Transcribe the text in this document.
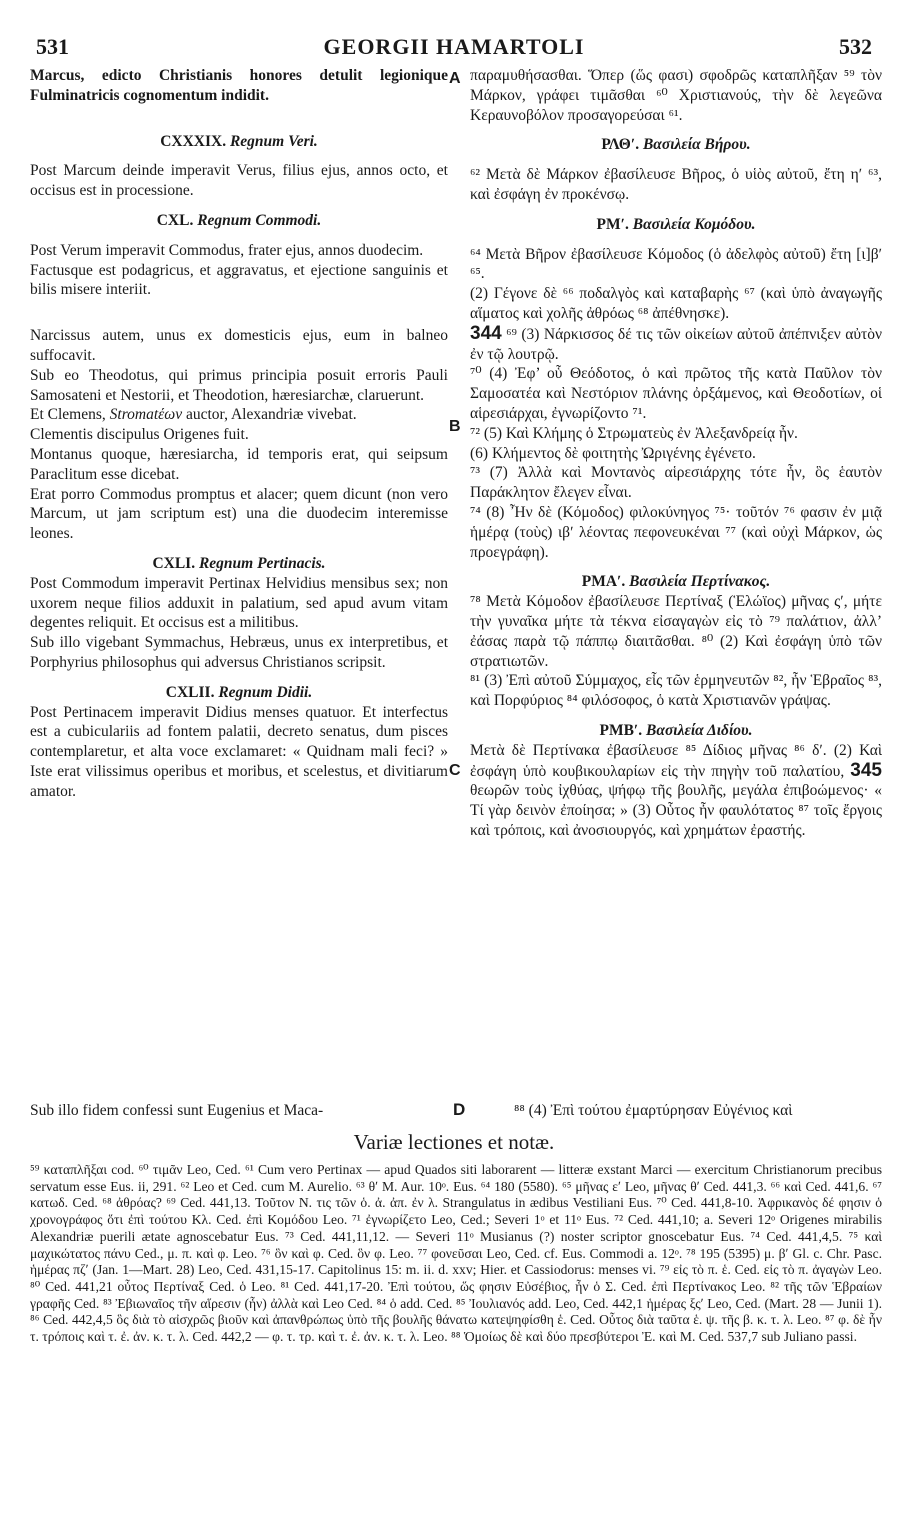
531	GEORGII HAMARTOLI	532

Marcus, edicto Christianis honores detulit legionique Fulminatricis cognomentum indidit.

CXXXIX. Regnum Veri.

Post Marcum deinde imperavit Verus, filius ejus, annos octo, et occisus est in processione.

CXL. Regnum Commodi.

Post Verum imperavit Commodus, frater ejus, annos duodecim.

Factusque est podagricus, et aggravatus, et ejectione sanguinis et bilis misere interiit.

Narcissus autem, unus ex domesticis ejus, eum in balneo suffocavit.

Sub eo Theodotus, qui primus principia posuit erroris Pauli Samosateni et Nestorii, et Theodotion, hæresiarchæ, claruerunt.

Et Clemens, Stromatέων auctor, Alexandriæ vivebat.

Clementis discipulus Origenes fuit.

Montanus quoque, hæresiarcha, id temporis erat, qui seipsum Paraclitum esse dicebat.

Erat porro Commodus promptus et alacer; quem dicunt (non vero Marcum, ut jam scriptum est) una die duodecim interemisse leones.

CXLI. Regnum Pertinacis.

Post Commodum imperavit Pertinax Helvidius mensibus sex; non uxorem neque filios adduxit in palatium, sed apud avum vitam degentes reliquit. Et occisus est a militibus.

Sub illo vigebant Symmachus, Hebræus, unus ex interpretibus, et Porphyrius philosophus qui adversus Christianos scripsit.

CXLII. Regnum Didii.

Post Pertinacem imperavit Didius menses quatuor. Et interfectus est a cubiculariis ad fontem palatii, decreto senatus, dum pisces contemplaretur, et alta voce exclamaret: « Quidnam mali feci? » Iste erat vilissimus operibus et moribus, et scelestus, et divitiarum amator.

A
B
C

παραμυθήσασθαι. Ὅπερ (ὥς φασι) σφοδρῶς καταπλῆξαν ⁵⁹ τὸν Μάρκον, γράφει τιμᾶσθαι ⁶⁰ Χριστιανούς, τὴν δὲ λεγεῶνα Κεραυνοβόλον προσαγορεύσαι ⁶¹.

ΡΛΘʹ. Βασιλεία Βήρου.

⁶² Μετὰ δὲ Μάρκον ἐβασίλευσε Βῆρος, ὁ υἱὸς αὐτοῦ, ἔτη ηʹ ⁶³, καὶ ἐσφάγη ἐν προκένσῳ.

ΡΜʹ. Βασιλεία Κομόδου.

⁶⁴ Μετὰ Βῆρον ἐβασίλευσε Κόμοδος (ὁ ἀδελφὸς αὐτοῦ) ἔτη [ι]βʹ ⁶⁵.

(2) Γέγονε δὲ ⁶⁶ ποδαλγὸς καὶ καταβαρὴς ⁶⁷ (καὶ ὑπὸ ἀναγωγῆς αἵματος καὶ χολῆς ἀθρόως ⁶⁸ ἀπέθνησκε).

344 ⁶⁹ (3) Νάρκισσος δέ τις τῶν οἰκείων αὐτοῦ ἀπέπνιξεν αὐτὸν ἐν τῷ λουτρῷ.

⁷⁰ (4) Ἐφ’ οὗ Θεόδοτος, ὁ καὶ πρῶτος τῆς κατὰ Παῦλον τὸν Σαμοσατέα καὶ Νεστόριον πλάνης ὀρξάμενος, καὶ Θεοδοτίων, οἱ αἱρεσιάρχαι, ἐγνωρίζοντο ⁷¹.

⁷² (5) Καὶ Κλήμης ὁ Στρωματεὺς ἐν Ἀλεξανδρείᾳ ἦν.

(6) Κλήμεντος δὲ φοιτητὴς Ὠριγένης ἐγένετο.

⁷³ (7) Ἀλλὰ καὶ Μοντανὸς αἱρεσιάρχης τότε ἦν, ὃς ἑαυτὸν Παράκλητον ἔλεγεν εἶναι.

⁷⁴ (8) Ἦν δὲ (Κόμοδος) φιλοκύνηγος ⁷⁵· τοῦτόν ⁷⁶ φασιν ἐν μιᾷ ἡμέρᾳ (τοὺς) ιβʹ λέοντας πεφονευκέναι ⁷⁷ (καὶ οὐχὶ Μάρκον, ὡς προεγράφη).

ΡΜΑʹ. Βασιλεία Περτίνακος.

⁷⁸ Μετὰ Κόμοδον ἐβασίλευσε Περτίναξ (Ἑλώϊος) μῆνας ςʹ, μήτε τὴν γυναῖκα μήτε τὰ τέκνα εἰσαγαγὼν εἰς τὸ ⁷⁹ παλάτιον, ἀλλ’ ἐάσας παρὰ τῷ πάππῳ διαιτᾶσθαι. ⁸⁰ (2) Καὶ ἐσφάγη ὑπὸ τῶν στρατιωτῶν.

⁸¹ (3) Ἐπὶ αὐτοῦ Σύμμαχος, εἷς τῶν ἑρμηνευτῶν ⁸², ἦν Ἑβραῖος ⁸³, καὶ Πορφύριος ⁸⁴ φιλόσοφος, ὁ κατὰ Χριστιανῶν γράψας.

ΡΜΒʹ. Βασιλεία Διδίου.

Μετὰ δὲ Περτίνακα ἐβασίλευσε ⁸⁵ Δίδιος μῆνας ⁸⁶ δʹ. (2) Καὶ ἐσφάγη ὑπὸ κουβικουλαρίων εἰς τὴν πηγὴν τοῦ παλατίου, 345 θεωρῶν τοὺς ἰχθύας, ψήφῳ τῆς βουλῆς, μεγάλα ἐπιβοώμενος· « Τί γὰρ δεινὸν ἐποίησα; » (3) Οὗτος ἦν φαυλότατος ⁸⁷ τοῖς ἔργοις καὶ τρόποις, καὶ ἀνοσιουργός, καὶ χρημάτων ἐραστής.

Sub illo fidem confessi sunt Eugenius et Maca-	D	⁸⁸ (4) Ἐπὶ τούτου ἐμαρτύρησαν Εὐγένιος καὶ
Variæ lectiones et notæ.
⁵⁹ καταπλῆξαι cod. ⁶⁰ τιμᾶν Leo, Ced. ⁶¹ Cum vero Pertinax — apud Quados siti laborarent — litteræ exstant Marci — exercitum Christianorum precibus servatum esse Eus. ii, 291. ⁶² Leo et Ced. cum M. Aurelio. ⁶³ θʹ M. Aur. 10ᵒ. Eus. ⁶⁴ 180 (5580). ⁶⁵ μῆνας εʹ Leo, μῆνας θʹ Ced. 441,3. ⁶⁶ καὶ Ced. 441,6. ⁶⁷ κατωδ. Ced. ⁶⁸ ἀθρόας? ⁶⁹ Ced. 441,13. Τοῦτον N. τις τῶν ὁ. ἀ. ἀπ. ἐν λ. Strangulatus in ædibus Vestiliani Eus. ⁷⁰ Ced. 441,8-10. Ἀφρικανὸς δέ φησιν ὁ χρονογράφος ὅτι ἐπὶ τούτου Κλ. Ced. ἐπὶ Κομόδου Leo. ⁷¹ ἐγνωρίζετο Leo, Ced.; Severi 1ᵒ et 11ᵒ Eus. ⁷² Ced. 441,10; a. Severi 12ᵒ Origenes mirabilis Alexandriæ puerili ætate agnoscebatur Eus. ⁷³ Ced. 441,11,12. — Severi 11ᵒ Musianus (?) noster scriptor gnoscebatur Eus. ⁷⁴ Ced. 441,4,5. ⁷⁵ καὶ μαχικώτατος πάνυ Ced., μ. π. καὶ φ. Leo. ⁷⁶ ὃν καὶ φ. Ced. ὃν φ. Leo. ⁷⁷ φονεῦσαι Leo, Ced. cf. Eus. Commodi a. 12ᵒ. ⁷⁸ 195 (5395) μ. βʹ Gl. c. Chr. Pasc. ἡμέρας πζʹ (Jan. 1—Mart. 28) Leo, Ced. 431,15-17. Capitolinus 15: m. ii. d. xxv; Hier. et Cassiodorus: menses vi. ⁷⁹ εἰς τὸ π. ἑ. Ced. εἰς τὸ π. ἀγαγὼν Leo. ⁸⁰ Ced. 441,21 οὗτος Περτίναξ Ced. ὁ Leo. ⁸¹ Ced. 441,17-20. Ἐπὶ τούτου, ὥς φησιν Εὐσέβιος, ἦν ὁ Σ. Ced. ἐπὶ Περτίνακος Leo. ⁸² τῆς τῶν Ἑβραίων γραφῆς Ced. ⁸³ Ἐβιωναῖος τῆν αἵρεσιν (ἦν) ἀλλὰ καὶ Leo Ced. ⁸⁴ ὁ add. Ced. ⁸⁵ Ἰουλιανός add. Leo, Ced. 442,1 ἡμέρας ξςʹ Leo, Ced. (Mart. 28 — Junii 1). ⁸⁶ Ced. 442,4,5 ὃς διὰ τὸ αἰσχρῶς βιοῦν καὶ ἀπανθρώπως ὑπὸ τῆς βουλῆς θάνατω κατεψηφίσθη ἑ. Ced. Οὗτος διὰ ταῦτα ἑ. ψ. τῆς β. κ. τ. λ. Leo. ⁸⁷ φ. δὲ ἦν τ. τρόποις καὶ τ. ἐ. ἀν. κ. τ. λ. Ced. 442,2 — φ. τ. τρ. καὶ τ. ἐ. ἀν. κ. τ. λ. Leo. ⁸⁸ Ὁμοίως δὲ καὶ δύο πρεσβύτεροι Ἐ. καὶ M. Ced. 537,7 sub Juliano passi.
